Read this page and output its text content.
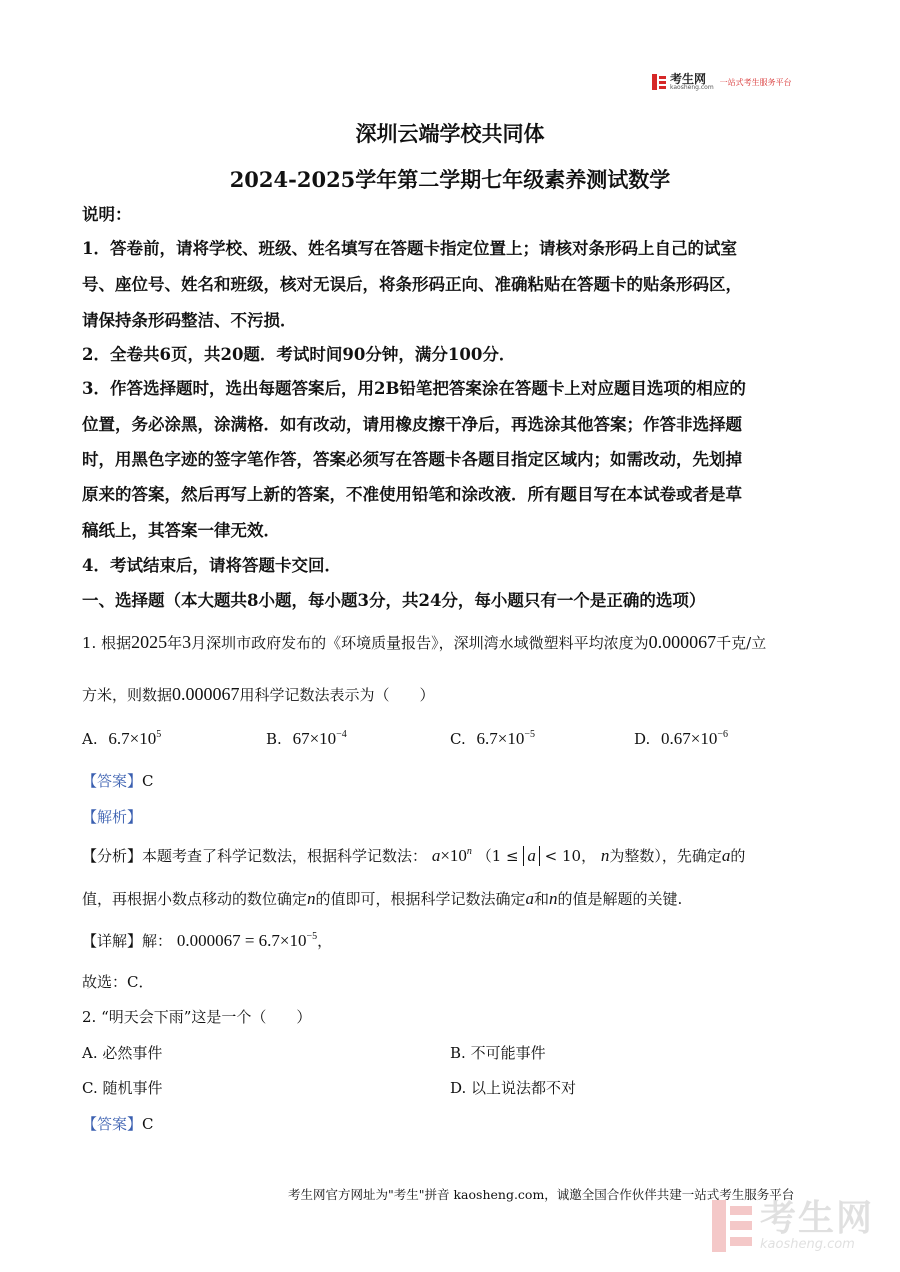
考生网
kaosheng.com
一站式考生服务平台
深圳云端学校共同体
2024-2025学年第二学期七年级素养测试数学
说明：
1．答卷前，请将学校、班级、姓名填写在答题卡指定位置上；请核对条形码上自己的试室
号、座位号、姓名和班级，核对无误后，将条形码正向、准确粘贴在答题卡的贴条形码区，
请保持条形码整洁、不污损．
2．全卷共6页，共20题．考试时间90分钟，满分100分．
3．作答选择题时，选出每题答案后，用2B铅笔把答案涂在答题卡上对应题目选项的相应的
位置，务必涂黑，涂满格．如有改动，请用橡皮擦干净后，再选涂其他答案；作答非选择题
时，用黑色字迹的签字笔作答，答案必须写在答题卡各题目指定区域内；如需改动，先划掉
原来的答案，然后再写上新的答案，不准使用铅笔和涂改液．所有题目写在本试卷或者是草
稿纸上，其答案一律无效．
4．考试结束后，请将答题卡交回．
一、选择题（本大题共8小题，每小题3分，共24分，每小题只有一个是正确的选项）
1. 根据2025年3月深圳市政府发布的《环境质量报告》，深圳湾水域微塑料平均浓度为0.000067千克/立
方米，则数据0.000067用科学记数法表示为（　　）
A. $6.7\times 10^5$	B. $67\times 10^{-4}$	C. $6.7\times 10^{-5}$	D. $0.67\times 10^{-6}$
【答案】C
【解析】
【分析】本题考查了科学记数法，根据科学记数法： $a\times 10^n$ （1 ≤ a < 10， n为整数），先确定a的
值，再根据小数点移动的数位确定n的值即可，根据科学记数法确定a和n的值是解题的关键.
【详解】解： $0.000067 = 6.7\times 10^{-5}$，
故选：C．
2. “明天会下雨”这是一个（　　）
A. 必然事件	B. 不可能事件
C. 随机事件	D. 以上说法都不对
【答案】C
考生网官方网址为"考生"拼音 kaosheng.com，诚邀全国合作伙伴共建一站式考生服务平台
考生网
kaosheng.com
